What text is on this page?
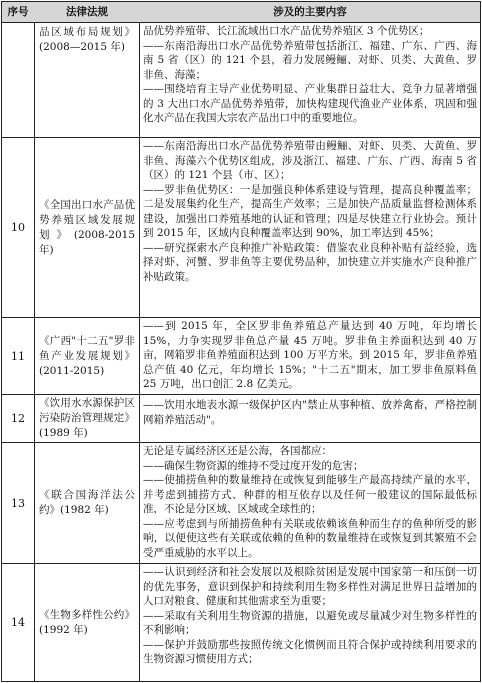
序号	法律法规	涉及的主要内容
品区域布局规划》(2008—2015 年)

品优势养殖带、长江流域出口水产品优势养殖区 3 个优势区；

——东南沿海出口水产品优势养殖带包括浙江、福建、广东、广西、海南 5 省（区）的 121 个县，着力发展鳗鲡、对虾、贝类、大黄鱼、罗非鱼、海藻；

——围绕培育主导产业优势明显、产业集群日益壮大、竞争力显著增强的 3 大出口水产品优势养殖带，加快构建现代渔业产业体系，巩固和强化水产品在我国大宗农产品出口中的重要地位。

10
《全国出口水产品优势养殖区域发展规划》(2008-2015 年)

——东南沿海出口水产品优势养殖带由鳗鲡、对虾、贝类、大黄鱼、罗非鱼、海藻六个优势区组成，涉及浙江、福建、广东、广西、海南 5 省（区）的 121 个县（市、区）；

——罗非鱼优势区：一是加强良种体系建设与管理，提高良种覆盖率；二是发展集约化生产，提高生产效率；三是加快产品质量监督检测体系建设，加强出口养殖基地的认证和管理；四是尽快建立行业协会。预计到 2015 年，区域内良种覆盖率达到 90%，加工率达到 45%；

——研究探索水产良种推广补贴政策：借鉴农业良种补贴有益经验，选择对虾、河蟹、罗非鱼等主要优势品种，加快建立并实施水产良种推广补贴政策。

11
《广西"十二五"罗非鱼产业发展规划》(2011-2015)

——到 2015 年，全区罗非鱼养殖总产量达到 40 万吨，年均增长 15%，力争实现罗非鱼总产量 45 万吨。罗非鱼主养面积达到 40 万亩，网箱罗非鱼养殖面积达到 100 万平方米。到 2015 年，罗非鱼养殖总产值 40 亿元，年均增长 15%；"十二五"期末，加工罗非鱼原料鱼 25 万吨，出口创汇 2.8 亿美元。

12
《饮用水水源保护区污染防治管理规定》(1989 年)

——饮用水地表水源一级保护区内"禁止从事种植、放养禽畜，严格控制网箱养殖活动"。

13
《联合国海洋法公约》(1982 年)

无论是专属经济区还是公海，各国都应：

——确保生物资源的维持不受过度开发的危害；

——使捕捞鱼种的数量维持在或恢复到能够生产最高持续产量的水平，并考虑到捕捞方式、种群的相互依存以及任何一般建议的国际最低标准，不论是分区域、区域或全球性的；

——应考虑到与所捕捞鱼种有关联或依赖该鱼种而生存的鱼种所受的影响，以便使这些有关联或依赖的鱼种的数量维持在或恢复到其繁殖不会受严重威胁的水平以上。

14
《生物多样性公约》(1992 年)

——认识到经济和社会发展以及根除贫困是发展中国家第一和压倒一切的优先事务，意识到保护和持续利用生物多样性对满足世界日益增加的人口对粮食、健康和其他需求至为重要；

——采取有关利用生物资源的措施，以避免或尽量减少对生物多样性的不利影响；

——保护并鼓励那些按照传统文化惯例而且符合保护或持续利用要求的生物资源习惯使用方式；
